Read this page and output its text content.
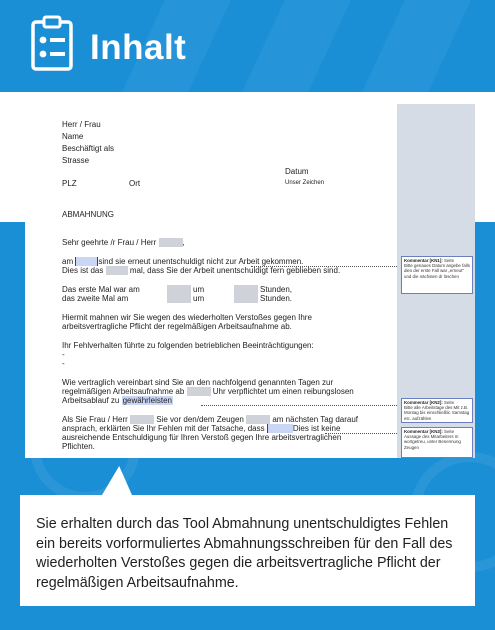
Inhalt
Herr / Frau
Name
Beschäftigt als
Strasse
Datum
PLZ	Ort	Unser Zeichen
ABMAHNUNG
Sehr geehrte /r Frau / Herr	,
am	sind sie erneut unentschuldigt nicht zur Arbeit gekommen.
Dies ist das	mal, dass Sie der Arbeit unentschuldigt fern geblieben sind.
Das erste Mal war am	um	Stunden,
das zweite Mal am	um	Stunden.
Hiermit mahnen wir Sie wegen des wiederholten Verstoßes gegen Ihre
arbeitsvertragliche Pflicht der regelmäßigen Arbeitsaufnahme ab.
Ihr Fehlverhalten führte zu folgenden betrieblichen Beeinträchtigungen:
-
-
Wie vertraglich vereinbart sind Sie an den nachfolgend genannten Tagen zur
regelmäßigen Arbeitsaufnahme ab	Uhr verpflichtet um einen reibungslosen
Arbeitsablauf zu gewährleisten
Als Sie Frau / Herr	Sie vor den/dem Zeugen	am nächsten Tag darauf
ansprach, erklärten Sie Ihr Fehlen mit der Tatsache, dass	Dies ist keine
ausreichende Entschuldigung für Ihren Verstoß gegen Ihre arbeitsvertraglichen
Pflichten.
Kommentar [KN1]: Seite
Bitte genaues Datum angebe falls dies der erste Fall war „erneut“ und die nächsten dr löschen
Kommentar [KN2]: Seite
Bitte alle Arbeitstage des Mit z.B. Montag bis einschließlic Samstag etc. aufzählen
Kommentar [KN3]: Seite
Aussage des Mitarbeiters m wortgetreu, unter Benennung Zeugen
Sie erhalten durch das Tool Abmahnung unentschuldigtes Fehlen ein bereits vorformuliertes Abmahnungsschreiben für den Fall des wiederholten Verstoßes gegen die arbeitsvertragliche Pflicht der regelmäßigen Arbeitsaufnahme.
